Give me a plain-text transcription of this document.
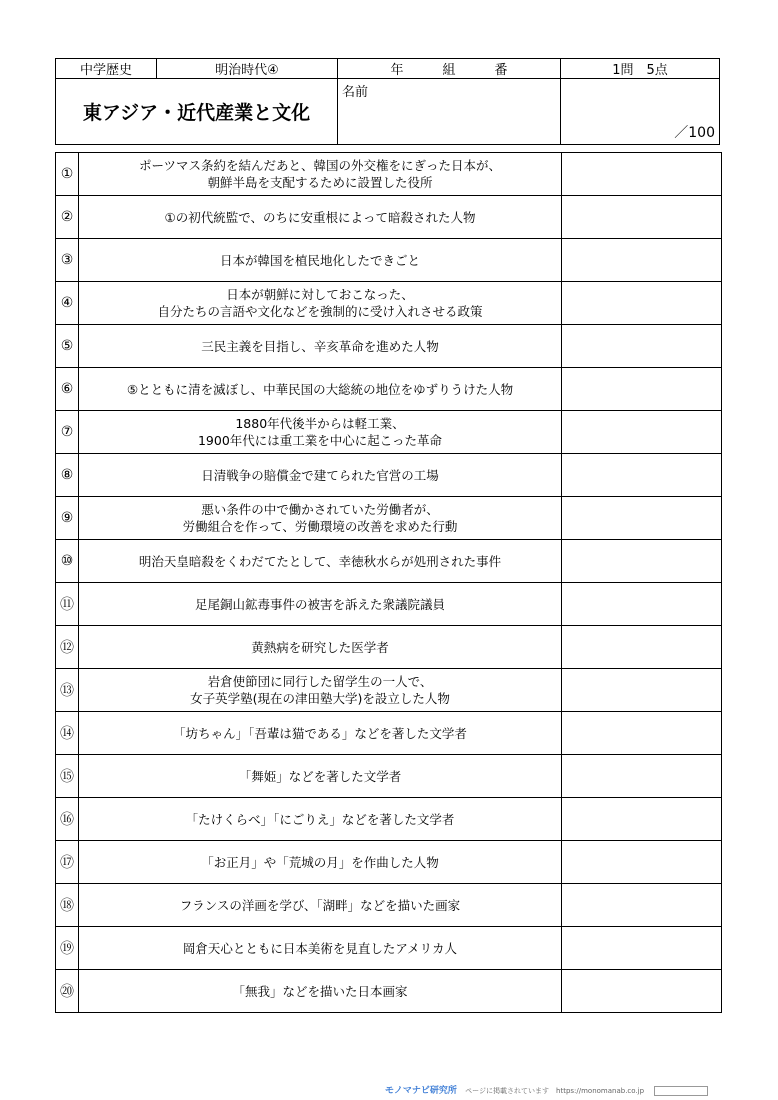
中学歴史	明治時代④	年　　　組　　　番	1問　5点
東アジア・近代産業と文化		名前	／100
①	ポーツマス条約を結んだあと、韓国の外交権をにぎった日本が、
朝鮮半島を支配するために設置した役所	
②	①の初代統監で、のちに安重根によって暗殺された人物	
③	日本が韓国を植民地化したできごと	
④	日本が朝鮮に対しておこなった、
自分たちの言語や文化などを強制的に受け入れさせる政策	
⑤	三民主義を目指し、辛亥革命を進めた人物	
⑥	⑤とともに清を滅ぼし、中華民国の大総統の地位をゆずりうけた人物	
⑦	1880年代後半からは軽工業、
1900年代には重工業を中心に起こった革命	
⑧	日清戦争の賠償金で建てられた官営の工場	
⑨	悪い条件の中で働かされていた労働者が、
労働組合を作って、労働環境の改善を求めた行動	
⑩	明治天皇暗殺をくわだてたとして、幸徳秋水らが処刑された事件	
⑪	足尾銅山鉱毒事件の被害を訴えた衆議院議員	
⑫	黄熱病を研究した医学者	
⑬	岩倉使節団に同行した留学生の一人で、
女子英学塾(現在の津田塾大学)を設立した人物	
⑭	「坊ちゃん」「吾輩は猫である」などを著した文学者	
⑮	「舞姫」などを著した文学者	
⑯	「たけくらべ」「にごりえ」などを著した文学者	
⑰	「お正月」や「荒城の月」を作曲した人物	
⑱	フランスの洋画を学び、「湖畔」などを描いた画家	
⑲	岡倉天心とともに日本美術を見直したアメリカ人	
⑳	「無我」などを描いた日本画家	
モノマナビ研究所 ページに掲載されています　https://monomanab.co.jp
